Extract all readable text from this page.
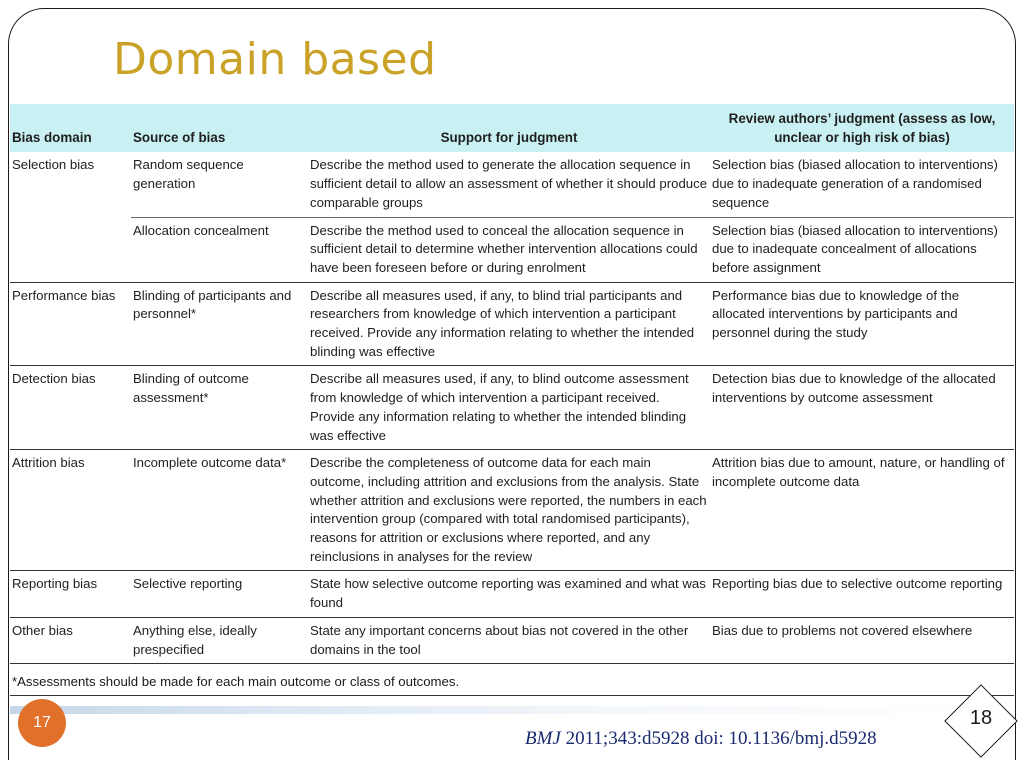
Domain based
Bias domain	Source of bias	Support for judgment	Review authors’ judgment (assess as low, unclear or high risk of bias)
Selection bias	Random sequence generation	Describe the method used to generate the allocation sequence in sufficient detail to allow an assessment of whether it should produce comparable groups	Selection bias (biased allocation to interventions) due to inadequate generation of a randomised sequence
	Allocation concealment	Describe the method used to conceal the allocation sequence in sufficient detail to determine whether intervention allocations could have been foreseen before or during enrolment	Selection bias (biased allocation to interventions) due to inadequate concealment of allocations before assignment
Performance bias	Blinding of participants and personnel*	Describe all measures used, if any, to blind trial participants and researchers from knowledge of which intervention a participant received. Provide any information relating to whether the intended blinding was effective	Performance bias due to knowledge of the allocated interventions by participants and personnel during the study
Detection bias	Blinding of outcome assessment*	Describe all measures used, if any, to blind outcome assessment from knowledge of which intervention a participant received. Provide any information relating to whether the intended blinding was effective	Detection bias due to knowledge of the allocated interventions by outcome assessment
Attrition bias	Incomplete outcome data*	Describe the completeness of outcome data for each main outcome, including attrition and exclusions from the analysis. State whether attrition and exclusions were reported, the numbers in each intervention group (compared with total randomised participants), reasons for attrition or exclusions where reported, and any reinclusions in analyses for the review	Attrition bias due to amount, nature, or handling of incomplete outcome data
Reporting bias	Selective reporting	State how selective outcome reporting was examined and what was found	Reporting bias due to selective outcome reporting
Other bias	Anything else, ideally prespecified	State any important concerns about bias not covered in the other domains in the tool	Bias due to problems not covered elsewhere
*Assessments should be made for each main outcome or class of outcomes.
17	18
BMJ 2011;343:d5928 doi: 10.1136/bmj.d5928
